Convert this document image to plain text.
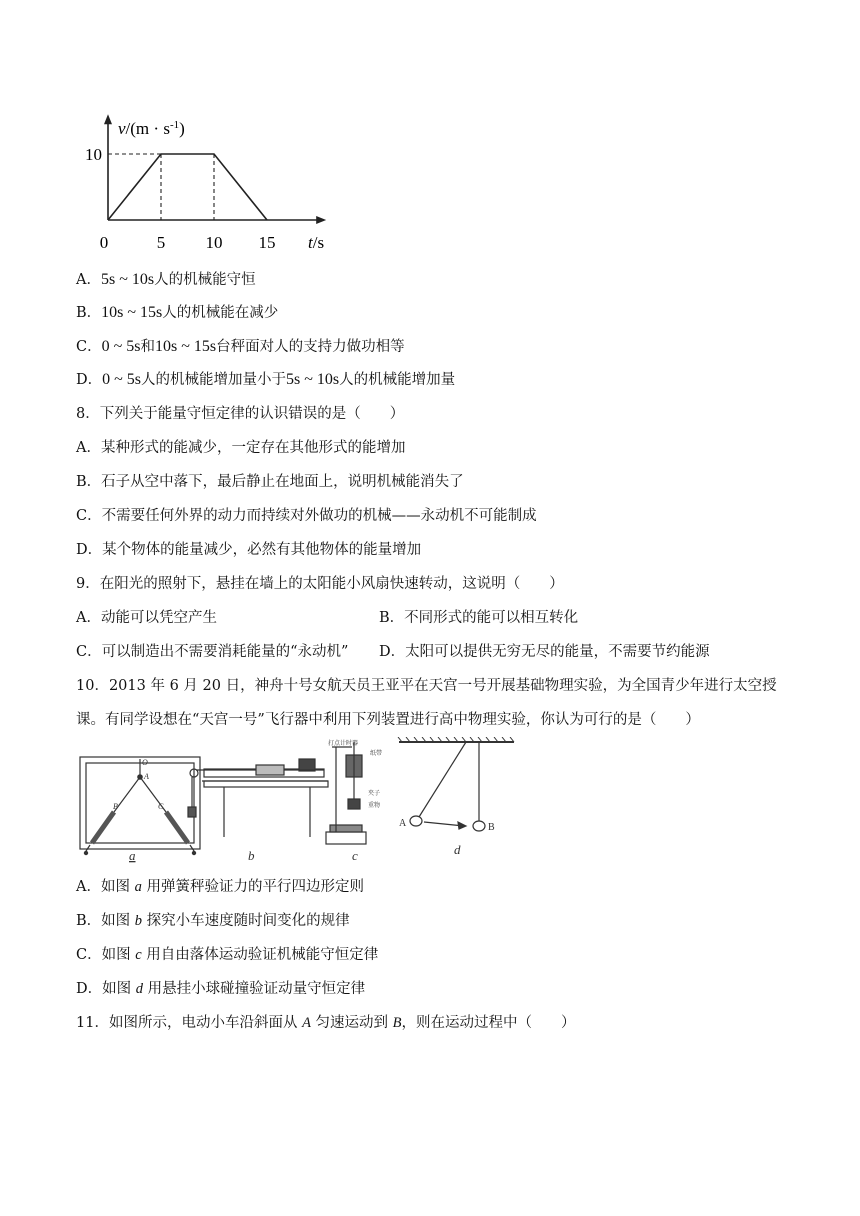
$v/(m \cdot s^{-1})$
t/s
10
0	5 10 15
A．5s ~ 10s人的机械能守恒
B．10s ~ 15s人的机械能在减少
C．0 ~ 5s和10s ~ 15s台秤面对人的支持力做功相等
D．0 ~ 5s人的机械能增加量小于5s ~ 10s人的机械能增加量
8．下列关于能量守恒定律的认识错误的是（　　）
A．某种形式的能减少，一定存在其他形式的能增加
B．石子从空中落下，最后静止在地面上，说明机械能消失了
C．不需要任何外界的动力而持续对外做功的机械——永动机不可能制成
D．某个物体的能量减少，必然有其他物体的能量增加
9．在阳光的照射下，悬挂在墙上的太阳能小风扇快速转动，这说明（　　）
A．动能可以凭空产生	B．不同形式的能可以相互转化
C．可以制造出不需要消耗能量的“永动机” D．太阳可以提供无穷无尽的能量，不需要节约能源
10．2013 年 6 月 20 日，神舟十号女航天员王亚平在天宫一号开展基础物理实验，为全国青少年进行太空授
课。有同学设想在“天宫一号”飞行器中利用下列装置进行高中物理实验，你认为可行的是（　　）
O
A
B	C
a	b
打点计时器
纸带
夹子
重物
c
A	B
d
A．如图 a 用弹簧秤验证力的平行四边形定则
B．如图 b 探究小车速度随时间变化的规律
C．如图 c 用自由落体运动验证机械能守恒定律
D．如图 d 用悬挂小球碰撞验证动量守恒定律
11．如图所示，电动小车沿斜面从 A 匀速运动到 B，则在运动过程中（　　）
